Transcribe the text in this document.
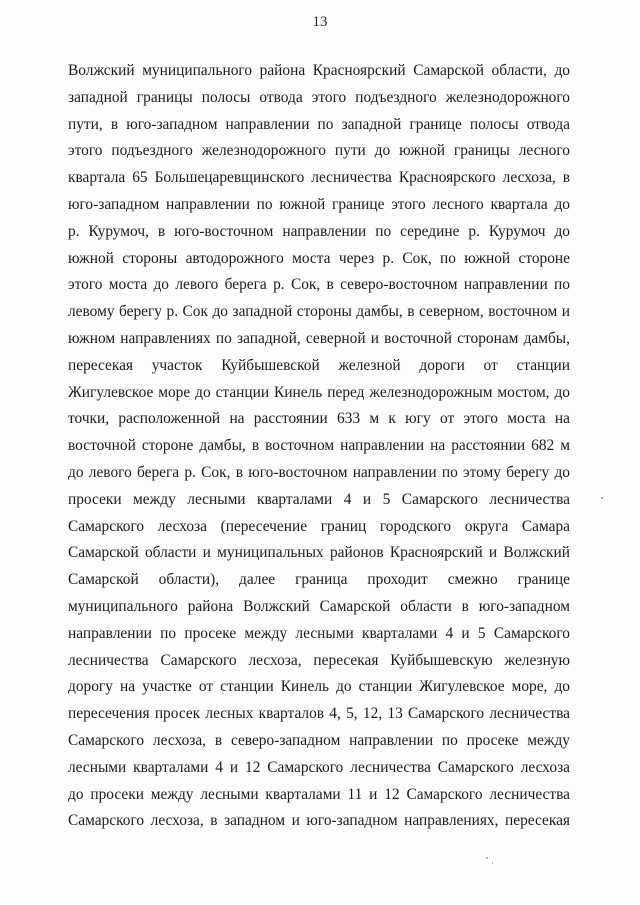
13
Волжский муниципального района Красноярский Самарской области, до
западной границы полосы отвода этого подъездного железнодорожного
пути, в юго-западном направлении по западной границе полосы отвода
этого подъездного железнодорожного пути до южной границы лесного
квартала 65 Большецаревщинского лесничества Красноярского лесхоза, в
юго-западном направлении по южной границе этого лесного квартала до
р. Курумоч, в юго-восточном направлении по середине р. Курумоч до
южной стороны автодорожного моста через р. Сок, по южной стороне
этого моста до левого берега р. Сок, в северо-восточном направлении по
левому берегу р. Сок до западной стороны дамбы, в северном, восточном и
южном направлениях по западной, северной и восточной сторонам дамбы,
пересекая участок Куйбышевской железной дороги от станции
Жигулевское море до станции Кинель перед железнодорожным мостом, до
точки, расположенной на расстоянии 633 м к югу от этого моста на
восточной стороне дамбы, в восточном направлении на расстоянии 682 м
до левого берега р. Сок, в юго-восточном направлении по этому берегу до
просеки между лесными кварталами 4 и 5 Самарского лесничества
Самарского лесхоза (пересечение границ городского округа Самара
Самарской области и муниципальных районов Красноярский и Волжский
Самарской области), далее граница проходит смежно границе
муниципального района Волжский Самарской области в юго-западном
направлении по просеке между лесными кварталами 4 и 5 Самарского
лесничества Самарского лесхоза, пересекая Куйбышевскую железную
дорогу на участке от станции Кинель до станции Жигулевское море, до
пересечения просек лесных кварталов 4, 5, 12, 13 Самарского лесничества
Самарского лесхоза, в северо-западном направлении по просеке между
лесными кварталами 4 и 12 Самарского лесничества Самарского лесхоза
до просеки между лесными кварталами 11 и 12 Самарского лесничества
Самарского лесхоза, в западном и юго-западном направлениях, пересекая
